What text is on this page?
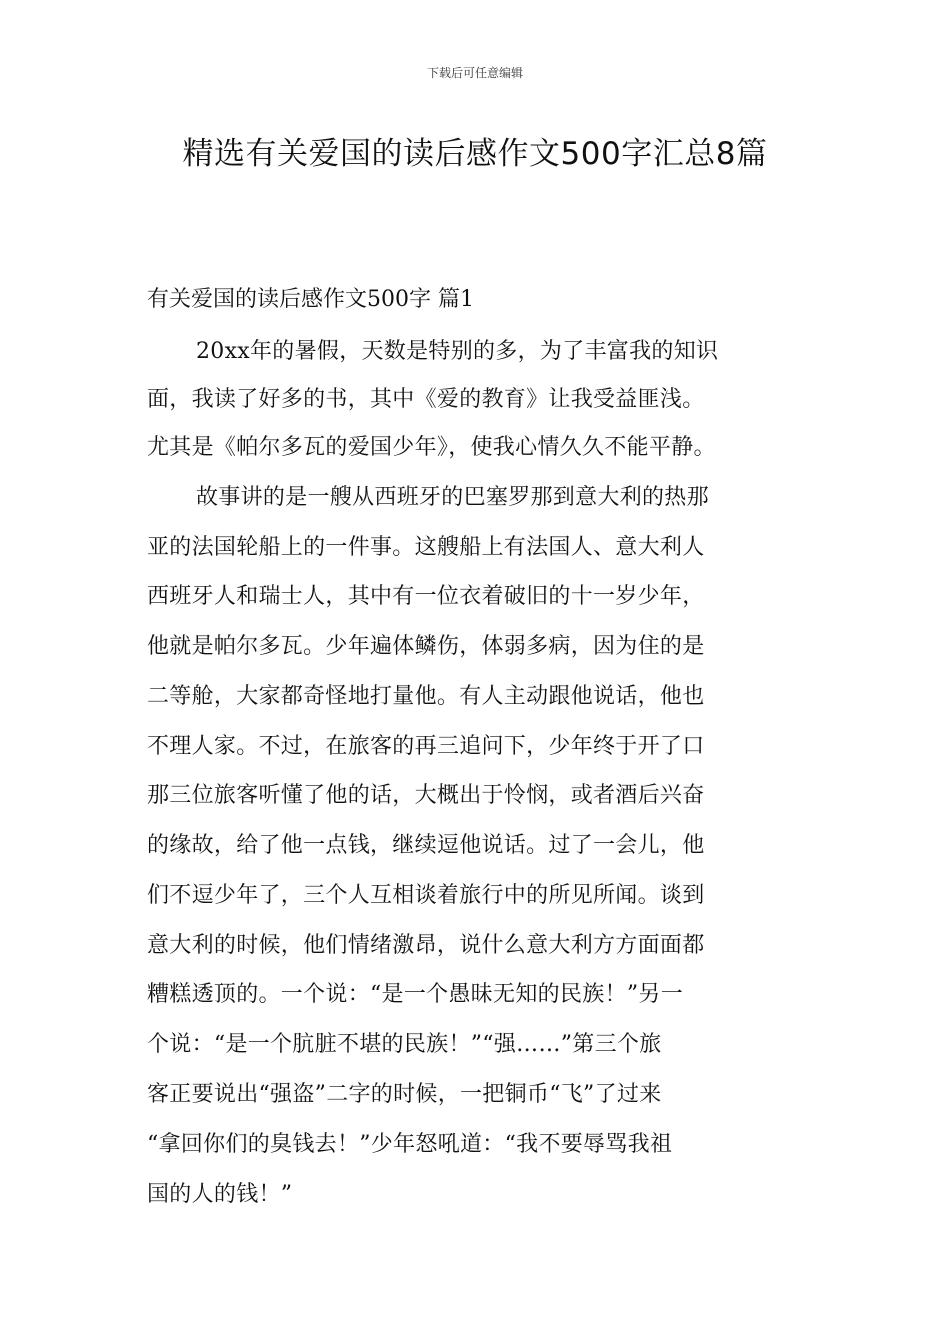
下载后可任意编辑
精选有关爱国的读后感作文500字汇总8篇
有关爱国的读后感作文500字 篇1

20xx年的暑假，天数是特别的多，为了丰富我的知识

面，我读了好多的书，其中《爱的教育》让我受益匪浅。

尤其是《帕尔多瓦的爱国少年》，使我心情久久不能平静。

故事讲的是一艘从西班牙的巴塞罗那到意大利的热那

亚的法国轮船上的一件事。这艘船上有法国人、意大利人

西班牙人和瑞士人，其中有一位衣着破旧的十一岁少年，

他就是帕尔多瓦。少年遍体鳞伤，体弱多病，因为住的是

二等舱，大家都奇怪地打量他。有人主动跟他说话，他也

不理人家。不过，在旅客的再三追问下，少年终于开了口

那三位旅客听懂了他的话，大概出于怜悯，或者酒后兴奋

的缘故，给了他一点钱，继续逗他说话。过了一会儿，他

们不逗少年了，三个人互相谈着旅行中的所见所闻。谈到

意大利的时候，他们情绪激昂，说什么意大利方方面面都

糟糕透顶的。一个说：“是一个愚昧无知的民族！”另一

个说：“是一个肮脏不堪的民族！”“强……”第三个旅

客正要说出“强盗”二字的时候，一把铜币“飞”了过来

“拿回你们的臭钱去！”少年怒吼道：“我不要辱骂我祖

国的人的钱！”
